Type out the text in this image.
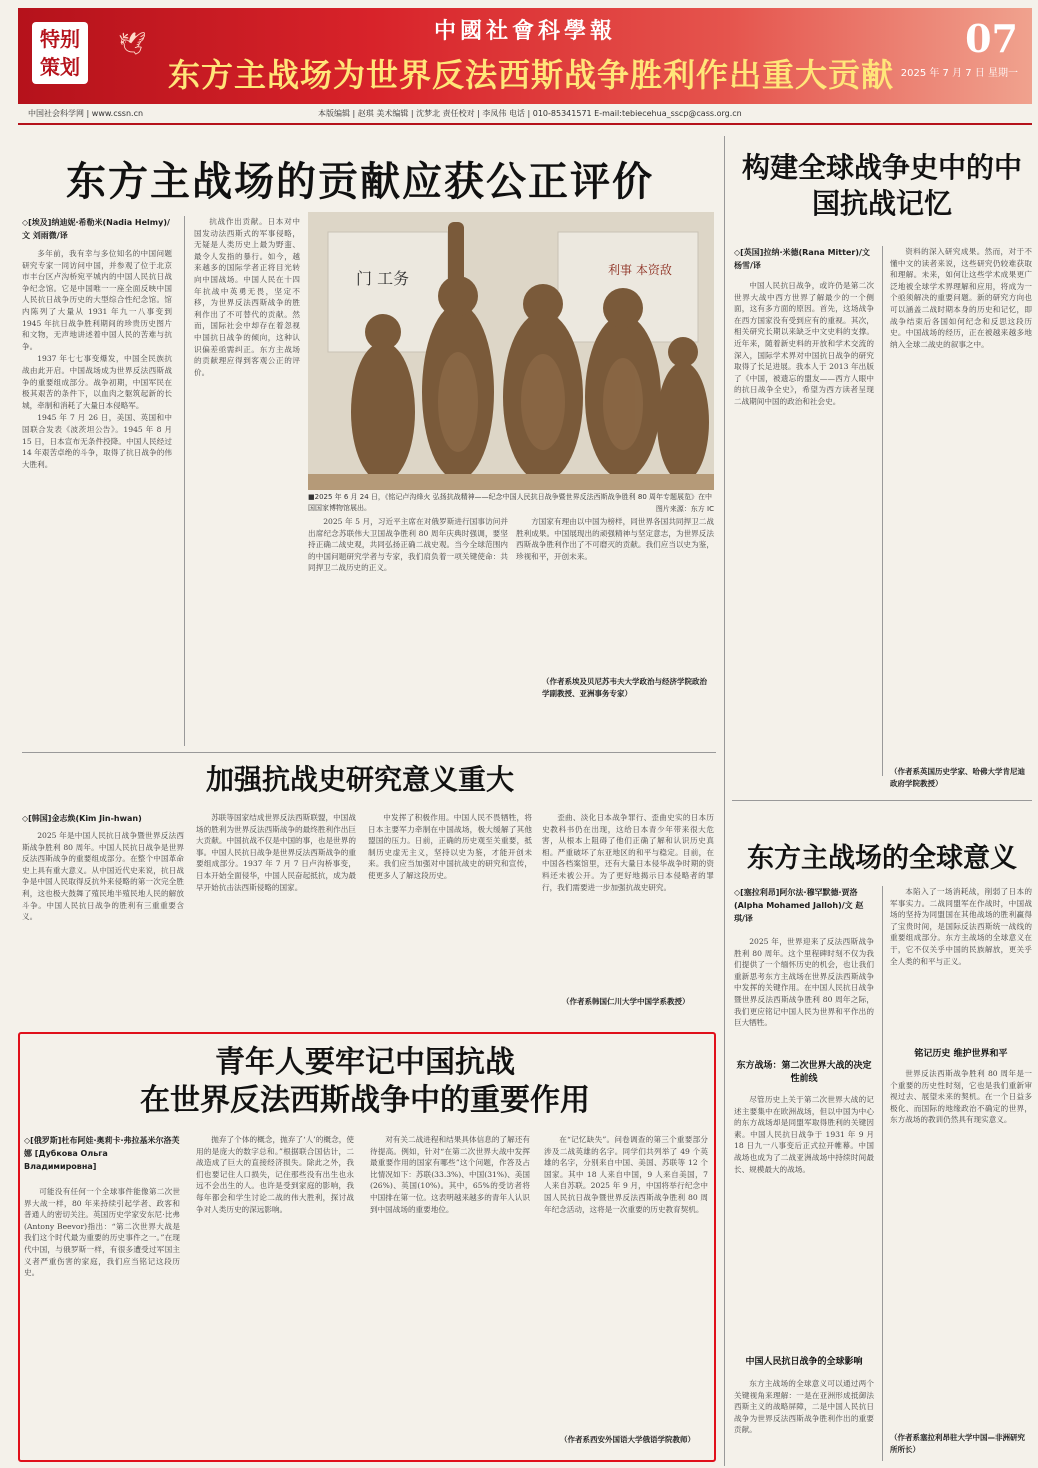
特别策划
中國社會科學報
🕊
东方主战场为世界反法西斯战争胜利作出重大贡献
07
2025 年 7 月 7 日 星期一
中国社会科学网 | www.cssn.cn	本版编辑 | 赵琪 美术编辑 | 沈梦北 责任校对 | 李凤伟 电话 | 010-85341571 E-mail:tebiecehua_sscp@cass.org.cn
东方主战场的贡献应获公正评价
◇[埃及]纳迪妮·希勒米(Nadia Helmy)/文 刘雨微/译

多年前，我有幸与多位知名的中国问题研究专家一同访问中国，并参观了位于北京市丰台区卢沟桥宛平城内的中国人民抗日战争纪念馆。它是中国唯一一座全面反映中国人民抗日战争历史的大型综合性纪念馆。馆内陈列了大量从 1931 年九一八事变到 1945 年抗日战争胜利期间的珍贵历史图片和文物，无声地讲述着中国人民的苦难与抗争。

1937 年七七事变爆发，中国全民族抗战由此开启。中国战场成为世界反法西斯战争的重要组成部分。战争初期，中国军民在极其艰苦的条件下，以血肉之躯筑起新的长城，牵制和消耗了大量日本侵略军。

1945 年 7 月 26 日，美国、英国和中国联合发表《波茨坦公告》。1945 年 8 月 15 日，日本宣布无条件投降。中国人民经过 14 年艰苦卓绝的斗争，取得了抗日战争的伟大胜利。

抗战作出贡献。日本对中国发动法西斯式的军事侵略，无疑是人类历史上最为野蛮、最令人发指的暴行。如今，越来越多的国际学者正将目光转向中国战场。中国人民在十四年抗战中英勇无畏，坚定不移，为世界反法西斯战争的胜利作出了不可替代的贡献。然而，国际社会中却存在着忽视中国抗日战争的倾向，这种认识偏差亟需纠正。东方主战场的贡献理应得到客观公正的评价。

门 工务	利事 本资敌
■2025 年 6 月 24 日，《铭记卢沟烽火 弘扬抗战精神——纪念中国人民抗日战争暨世界反法西斯战争胜利 80 周年专题展览》在中国国家博物馆展出。	图片来源：东方 IC

2025 年 5 月，习近平主席在对俄罗斯进行国事访问并出席纪念苏联伟大卫国战争胜利 80 周年庆典时强调，要坚持正确二战史观，共同弘扬正确二战史观。当今全球范围内的中国问题研究学者与专家，我们肩负着一项关键使命：共同捍卫二战历史的正义。

方国家有理由以中国为榜样，同世界各国共同捍卫二战胜利成果。中国展现出的顽强精神与坚定意志，为世界反法西斯战争胜利作出了不可磨灭的贡献。我们应当以史为鉴，珍视和平，开创未来。

（作者系埃及贝尼苏韦夫大学政治与经济学院政治学副教授、亚洲事务专家）
构建全球战争史中的中国抗战记忆
◇[英国]拉纳·米德(Rana Mitter)/文 杨雪/译

中国人民抗日战争，或许仍是第二次世界大战中西方世界了解最少的一个侧面，这有多方面的原因。首先，这场战争在西方国家没有受到应有的重视。其次，相关研究长期以来缺乏中文史料的支撑。近年来，随着新史料的开放和学术交流的深入，国际学术界对中国抗日战争的研究取得了长足进展。我本人于 2013 年出版了《中国，被遗忘的盟友——西方人眼中的抗日战争全史》，希望为西方读者呈现二战期间中国的政治和社会史。

资料的深入研究成果。然而，对于不懂中文的读者来说，这些研究仍较难获取和理解。未来，如何让这些学术成果更广泛地被全球学术界理解和应用，将成为一个亟须解决的重要问题。新的研究方向也可以涵盖二战时期本身的历史和记忆，即战争结束后各国如何纪念和反思这段历史。中国战场的经历，正在被越来越多地纳入全球二战史的叙事之中。

（作者系英国历史学家、哈佛大学肯尼迪政府学院教授）
加强抗战史研究意义重大
◇[韩国]金志焕(Kim Jin-hwan)

2025 年是中国人民抗日战争暨世界反法西斯战争胜利 80 周年。中国人民抗日战争是世界反法西斯战争的重要组成部分。在整个中国革命史上具有重大意义。从中国近代史来说，抗日战争是中国人民取得反抗外来侵略的第一次完全胜利，这也极大鼓舞了殖民地半殖民地人民的解放斗争。中国人民抗日战争的胜利有三重重要含义。

苏联等国家结成世界反法西斯联盟，中国战场的胜利为世界反法西斯战争的最终胜利作出巨大贡献。中国抗战不仅是中国的事，也是世界的事。中国人民抗日战争是世界反法西斯战争的重要组成部分。1937 年 7 月 7 日卢沟桥事变，日本开始全面侵华，中国人民奋起抵抗，成为最早开始抗击法西斯侵略的国家。

中发挥了积极作用。中国人民不畏牺牲，将日本主要军力牵制在中国战场，极大缓解了其他盟国的压力。日前，正确的历史观至关重要，抵制历史虚无主义，坚持以史为鉴，才能开创未来。我们应当加强对中国抗战史的研究和宣传，使更多人了解这段历史。

歪曲、淡化日本战争罪行、歪曲史实的日本历史教科书仍在出现，这给日本青少年带来很大危害，从根本上阻碍了他们正确了解和认识历史真相。严重破坏了东亚地区的和平与稳定。目前，在中国各档案馆里，还有大量日本侵华战争时期的资料还未被公开。为了更好地揭示日本侵略者的罪行，我们需要进一步加强抗战史研究。

（作者系韩国仁川大学中国学系教授）
东方主战场的全球意义
◇[塞拉利昂]阿尔法·穆罕默德·贾洛(Alpha Mohamed Jalloh)/文 赵琪/译

2025 年，世界迎来了反法西斯战争胜利 80 周年。这个里程碑时刻不仅为我们提供了一个缅怀历史的机会，也让我们重新思考东方主战场在世界反法西斯战争中发挥的关键作用。在中国人民抗日战争暨世界反法西斯战争胜利 80 周年之际，我们更应铭记中国人民为世界和平作出的巨大牺牲。

本陷入了一场消耗战，削弱了日本的军事实力。二战同盟军在作战时，中国战场的坚持为同盟国在其他战场的胜利赢得了宝贵时间，是国际反法西斯统一战线的重要组成部分。东方主战场的全球意义在于，它不仅关乎中国的民族解放，更关乎全人类的和平与正义。

东方战场：第二次世界大战的决定性前线

尽管历史上关于第二次世界大战的记述主要集中在欧洲战场，但以中国为中心的东方战场却是同盟军取得胜利的关键因素。中国人民抗日战争于 1931 年 9 月 18 日九一八事变后正式拉开帷幕。中国战场也成为了二战亚洲战场中持续时间最长、规模最大的战场。

铭记历史 维护世界和平

世界反法西斯战争胜利 80 周年是一个重要的历史性时刻，它也是我们重新审视过去、展望未来的契机。在一个日益多极化、而国际的地缘政治不确定的世界，东方战场的教训仍然具有现实意义。

中国人民抗日战争的全球影响

东方主战场的全球意义可以通过两个关键视角来理解：一是在亚洲形成抵御法西斯主义的战略屏障，二是中国人民抗日战争为世界反法西斯战争胜利作出的重要贡献。

（作者系塞拉利昂驻大学中国—非洲研究所所长）
青年人要牢记中国抗战
在世界反法西斯战争中的重要作用
◇[俄罗斯]杜布阿娃·奥莉卡·弗拉基米尔洛芙娜 [Дубкова Ольга Владимировна]

可能没有任何一个全球事件能像第二次世界大战一样，80 年来持续引起学者、政客和普通人的密切关注。英国历史学家安东尼·比弗(Antony Beevor)指出：“第二次世界大战是我们这个时代最为重要的历史事件之一。”在现代中国，与俄罗斯一样，有很多遭受过军国主义者严重伤害的家庭，我们应当铭记这段历史。

抛弃了个体的概念，抛弃了‘人’的概念，使用的是庞大的数字总和。”根据联合国估计，二战造成了巨大的直接经济损失。除此之外，我们也要记住人口损失，记住那些没有出生也永远不会出生的人。也许是受到家庭的影响，我每年都会和学生讨论二战的伟大胜利，探讨战争对人类历史的深远影响。

对有关二战进程和结果具体信息的了解还有待提高。例如，针对“在第二次世界大战中发挥最重要作用的国家有哪些”这个问题，作答及占比情况如下：苏联(33.3%)、中国(31%)、美国(26%)、英国(10%)。其中，65%的受访者将中国排在第一位。这表明越来越多的青年人认识到中国战场的重要地位。

在“记忆缺失”。问卷调查的第三个重要部分涉及二战英雄的名字。同学们共列举了 49 个英雄的名字，分别来自中国、美国、苏联等 12 个国家。其中 18 人来自中国，9 人来自美国，7 人来自苏联。2025 年 9 月，中国将举行纪念中国人民抗日战争暨世界反法西斯战争胜利 80 周年纪念活动，这将是一次重要的历史教育契机。

（作者系西安外国语大学俄语学院教师）
